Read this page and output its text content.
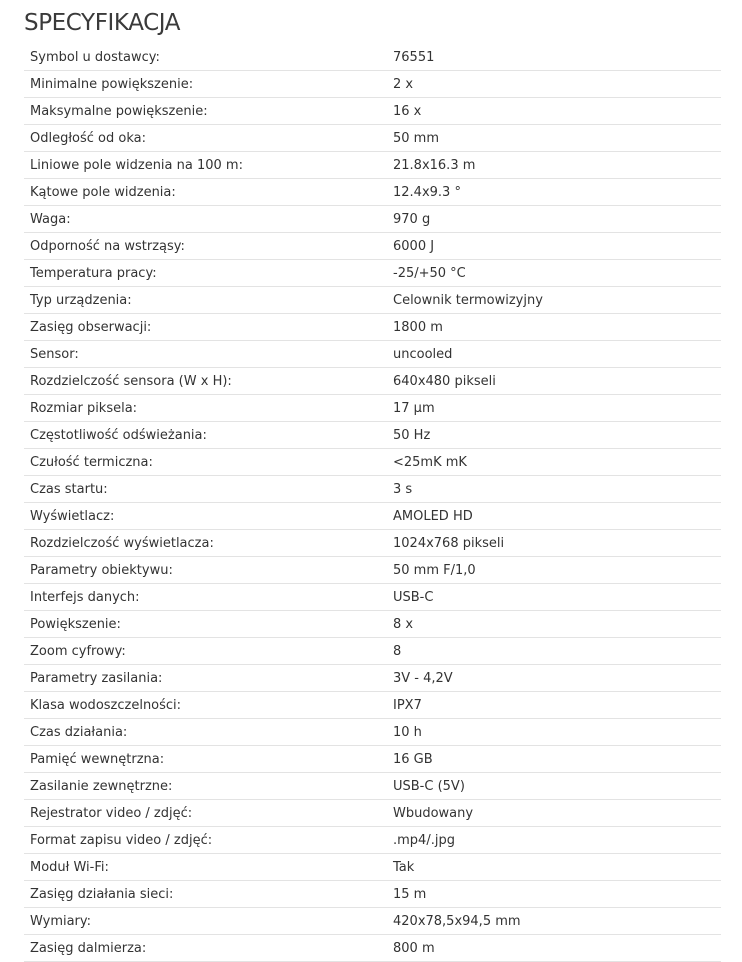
SPECYFIKACJA
Symbol u dostawcy:	76551
Minimalne powiększenie:	2 x
Maksymalne powiększenie:	16 x
Odległość od oka:	50 mm
Liniowe pole widzenia na 100 m:	21.8x16.3 m
Kątowe pole widzenia:	12.4x9.3 °
Waga:	970 g
Odporność na wstrząsy:	6000 J
Temperatura pracy:	-25/+50 °C
Typ urządzenia:	Celownik termowizyjny
Zasięg obserwacji:	1800 m
Sensor:	uncooled
Rozdzielczość sensora (W x H):	640x480 pikseli
Rozmiar piksela:	17 µm
Częstotliwość odświeżania:	50 Hz
Czułość termiczna:	<25mK mK
Czas startu:	3 s
Wyświetlacz:	AMOLED HD
Rozdzielczość wyświetlacza:	1024x768 pikseli
Parametry obiektywu:	50 mm F/1,0
Interfejs danych:	USB-C
Powiększenie:	8 x
Zoom cyfrowy:	8
Parametry zasilania:	3V - 4,2V
Klasa wodoszczelności:	IPX7
Czas działania:	10 h
Pamięć wewnętrzna:	16 GB
Zasilanie zewnętrzne:	USB-C (5V)
Rejestrator video / zdjęć:	Wbudowany
Format zapisu video / zdjęć:	.mp4/.jpg
Moduł Wi-Fi:	Tak
Zasięg działania sieci:	15 m
Wymiary:	420x78,5x94,5 mm
Zasięg dalmierza:	800 m
